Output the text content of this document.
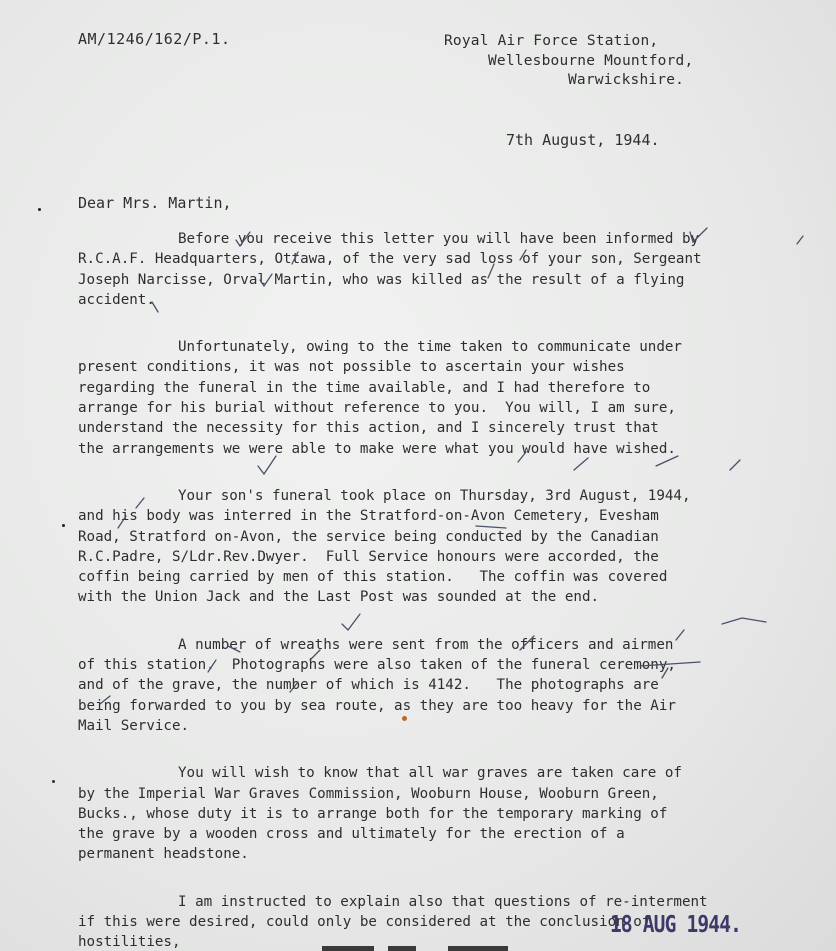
AM/1246/162/P.1.	Royal Air Force Station,
Wellesbourne Mountford,
Warwickshire.
7th August, 1944.
Dear Mrs. Martin,
Before you receive this letter you will have been informed by
R.C.A.F. Headquarters, Ottawa, of the very sad loss of your son, Sergeant
Joseph Narcisse, Orval Martin, who was killed as the result of a flying
accident.
Unfortunately, owing to the time taken to communicate under
present conditions, it was not possible to ascertain your wishes
regarding the funeral in the time available, and I had therefore to
arrange for his burial without reference to you.  You will, I am sure,
understand the necessity for this action, and I sincerely trust that
the arrangements we were able to make were what you would have wished.
Your son's funeral took place on Thursday, 3rd August, 1944,
and his body was interred in the Stratford-on-Avon Cemetery, Evesham
Road, Stratford on-Avon, the service being conducted by the Canadian
R.C.Padre, S/Ldr.Rev.Dwyer.  Full Service honours were accorded, the
coffin being carried by men of this station.   The coffin was covered
with the Union Jack and the Last Post was sounded at the end.
A number of wreaths were sent from the officers and airmen
of this station.  Photographs were also taken of the funeral ceremony,
and of the grave, the number of which is 4142.   The photographs are
being forwarded to you by sea route, as they are too heavy for the Air
Mail Service.
You will wish to know that all war graves are taken care of
by the Imperial War Graves Commission, Wooburn House, Wooburn Green,
Bucks., whose duty it is to arrange both for the temporary marking of
the grave by a wooden cross and ultimately for the erection of a
permanent headstone.
I am instructed to explain also that questions of re-interment
if this were desired, could only be considered at the conclusion of
hostilities,
18 AUG 1944.
